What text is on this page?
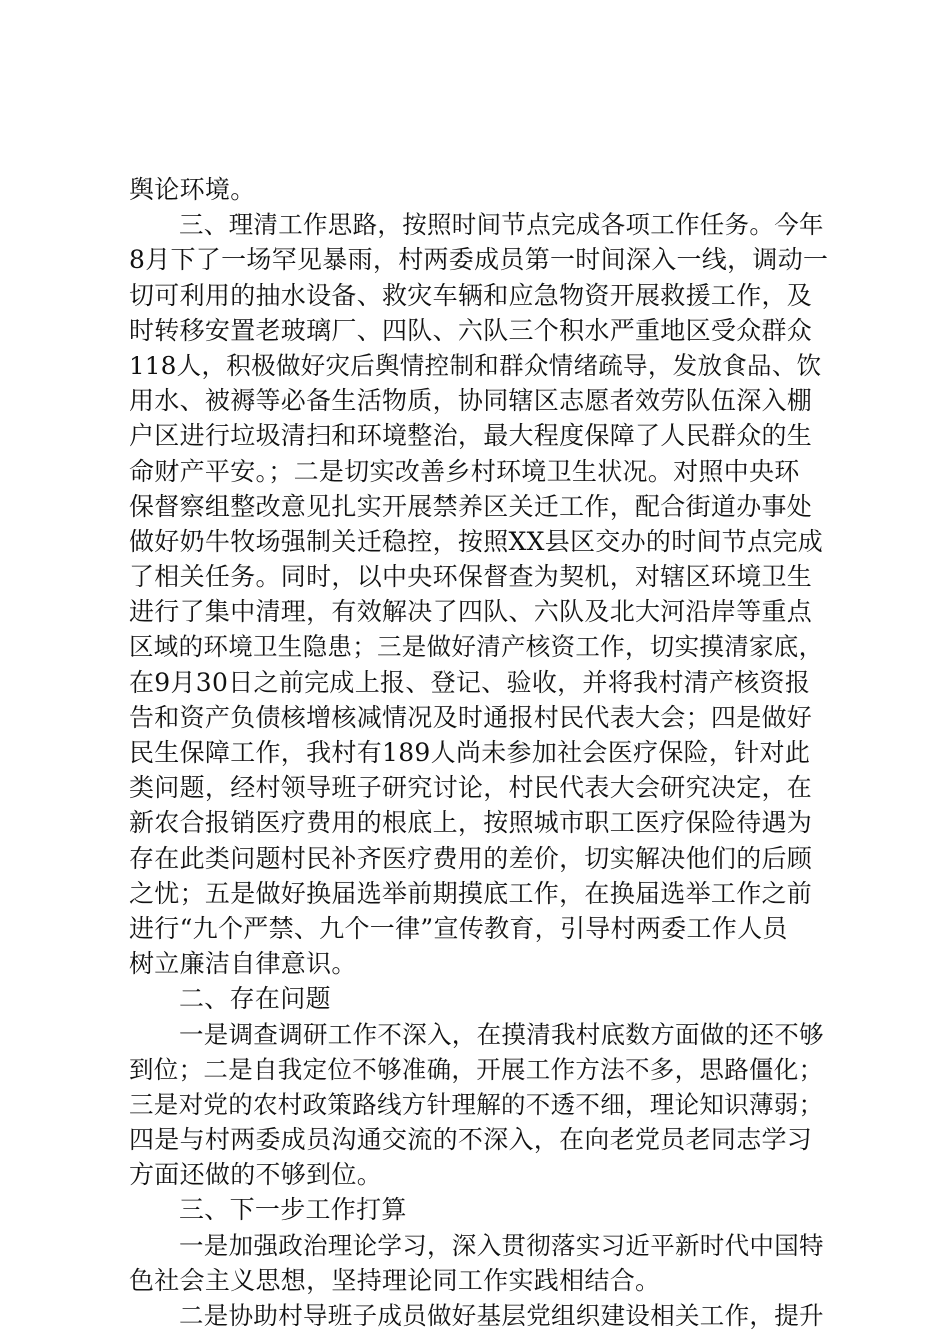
舆论环境。
三、理清工作思路，按照时间节点完成各项工作任务。今年
8月下了一场罕见暴雨，村两委成员第一时间深入一线，调动一
切可利用的抽水设备、救灾车辆和应急物资开展救援工作，及
时转移安置老玻璃厂、四队、六队三个积水严重地区受众群众
118人，积极做好灾后舆情控制和群众情绪疏导，发放食品、饮
用水、被褥等必备生活物质，协同辖区志愿者效劳队伍深入棚
户区进行垃圾清扫和环境整治，最大程度保障了人民群众的生
命财产平安。；二是切实改善乡村环境卫生状况。对照中央环
保督察组整改意见扎实开展禁养区关迁工作，配合街道办事处
做好奶牛牧场强制关迁稳控，按照XX县区交办的时间节点完成
了相关任务。同时，以中央环保督查为契机，对辖区环境卫生
进行了集中清理，有效解决了四队、六队及北大河沿岸等重点
区域的环境卫生隐患；三是做好清产核资工作，切实摸清家底，
在9月30日之前完成上报、登记、验收，并将我村清产核资报
告和资产负债核增核减情况及时通报村民代表大会；四是做好
民生保障工作，我村有189人尚未参加社会医疗保险，针对此
类问题，经村领导班子研究讨论，村民代表大会研究决定，在
新农合报销医疗费用的根底上，按照城市职工医疗保险待遇为
存在此类问题村民补齐医疗费用的差价，切实解决他们的后顾
之忧；五是做好换届选举前期摸底工作，在换届选举工作之前
进行“九个严禁、九个一律”宣传教育，引导村两委工作人员
树立廉洁自律意识。
二、存在问题
一是调查调研工作不深入，在摸清我村底数方面做的还不够
到位；二是自我定位不够准确，开展工作方法不多，思路僵化；
三是对党的农村政策路线方针理解的不透不细，理论知识薄弱；
四是与村两委成员沟通交流的不深入，在向老党员老同志学习
方面还做的不够到位。
三、下一步工作打算
一是加强政治理论学习，深入贯彻落实习近平新时代中国特
色社会主义思想，坚持理论同工作实践相结合。
二是协助村导班子成员做好基层党组织建设相关工作，提升
